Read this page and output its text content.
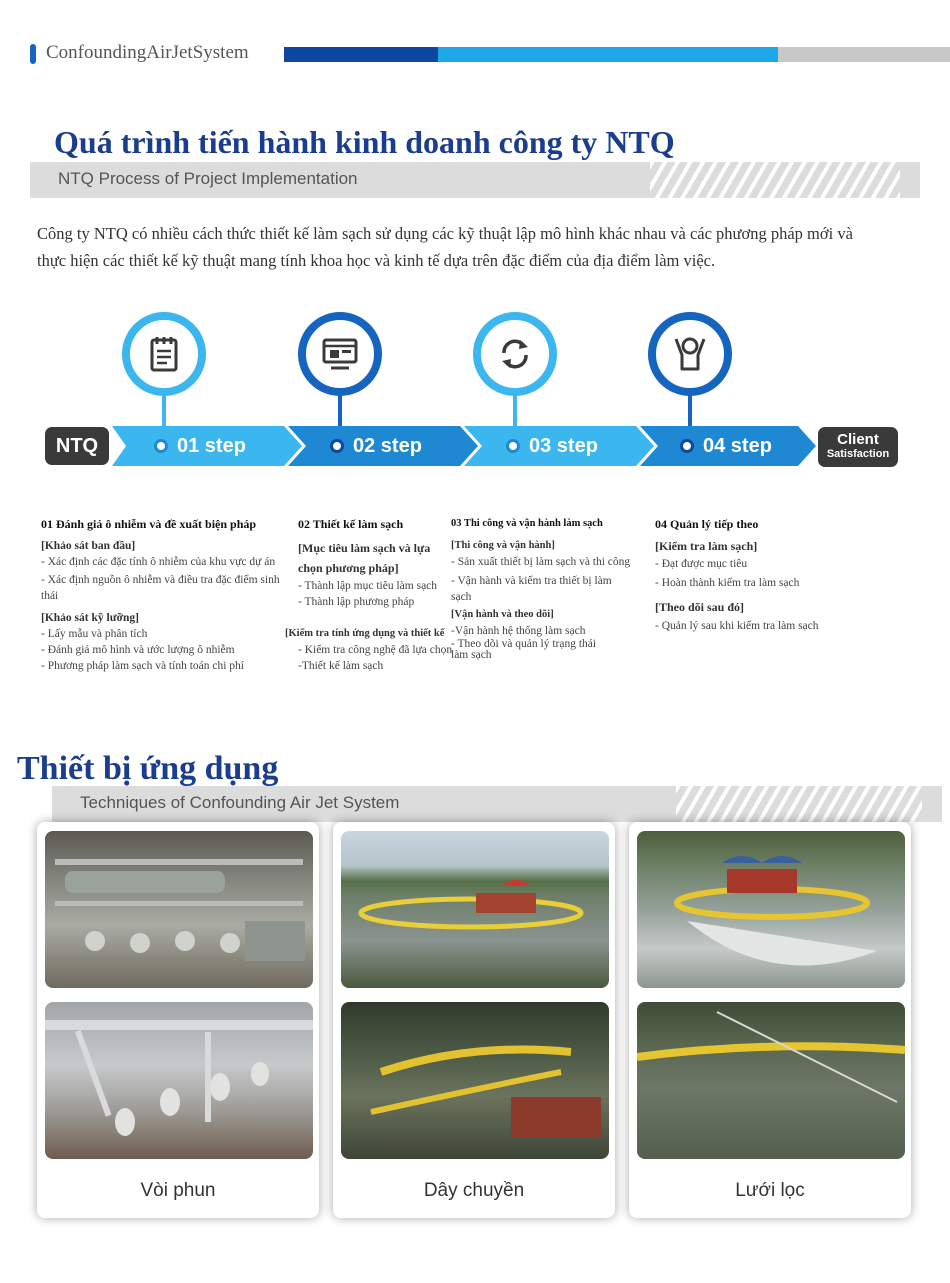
ConfoundingAirJetSystem
Quá trình tiến hành kinh doanh công ty NTQ
NTQ Process of Project Implementation
Công ty NTQ có nhiều cách thức thiết kế làm sạch sử dụng các kỹ thuật lập mô hình khác nhau và các phương pháp mới và thực hiện các thiết kế kỹ thuật mang tính khoa học và kinh tế dựa trên đặc điểm của địa điểm làm việc.
NTQ	01 step	02 step	03 step	04 step	Client
Satisfaction
01 Đánh giá ô nhiễm và đề xuất biện pháp
[Khảo sát ban đầu]
- Xác định các đặc tính ô nhiễm của khu vực dự án
- Xác định nguồn ô nhiễm và điều tra đặc điểm sinh thái
[Khảo sát kỹ lưỡng]
- Lấy mẫu và phân tích
- Đánh giá mô hình và ước lượng ô nhiễm
- Phương pháp làm sạch và tính toán chi phí
02 Thiết kế làm sạch
[Mục tiêu làm sạch và lựa chọn phương pháp]
- Thành lập mục tiêu làm sạch
- Thành lập phương pháp
[Kiểm tra tính ứng dụng và thiết kế
- Kiểm tra công nghệ đã lựa chọn
-Thiết kế làm sạch
03 Thi công và vận hành làm sạch
[Thi công và vận hành]
- Sản xuất thiết bị làm sạch và thi công
- Vận hành và kiểm tra thiết bị làm sạch
[Vận hành và theo dõi]
-Vận hành hệ thống làm sạch
- Theo dõi và quản lý trạng thái làm sạch
04 Quản lý tiếp theo
[Kiểm tra làm sạch]
- Đạt được mục tiêu
- Hoàn thành kiểm tra làm sạch
[Theo dõi sau đó]
- Quản lý sau khi kiểm tra làm sạch
Thiết bị ứng dụng
Techniques of Confounding Air Jet System
Vòi phun	Dây chuyền	Lưới lọc
